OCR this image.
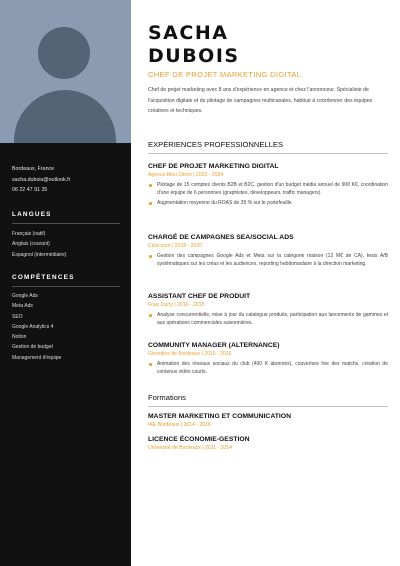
Bordeaux, France
sacha.dubois@outlook.fr
06 22 47 91 35
LANGUES
Français (natif)
Anglais (courant)
Espagnol (intermédiaire)
COMPÉTENCES
Google Ads
Meta Ads
SEO
Google Analytics 4
Notion
Gestion de budget
Management d'équipe
SACHA
DUBOIS
CHEF DE PROJET MARKETING DIGITAL

Chef de projet marketing avec 8 ans d'expérience en agence et chez l'annonceur. Spécialiste de l'acquisition digitale et du pilotage de campagnes multicanales, habitué à coordonner des équipes créatives et techniques.

EXPÉRIENCES PROFESSIONNELLES
CHEF DE PROJET MARKETING DIGITAL
Agence Bleu Citron | 2020 - 2024
Pilotage de 15 comptes clients B2B et B2C, gestion d'un budget média annuel de 900 K€, coordination d'une équipe de 6 personnes (graphistes, développeurs, traffic managers).
Augmentation moyenne du ROAS de 35 % sur le portefeuille.
CHARGÉ DE CAMPAGNES SEA/SOCIAL ADS
Cdiscount | 2018 - 2020
Gestion des campagnes Google Ads et Meta sur la catégorie maison (12 M€ de CA), tests A/B systématiques sur les créas et les audiences, reporting hebdomadaire à la direction marketing.
ASSISTANT CHEF DE PRODUIT
Fnac Darty | 2016 - 2018
Analyse concurrentielle, mise à jour du catalogue produits, participation aux lancements de gammes et aux opérations commerciales saisonnières.
COMMUNITY MANAGER (ALTERNANCE)
Girondins de Bordeaux | 2015 - 2016
Animation des réseaux sociaux du club (400 K abonnés), couverture live des matchs, création de contenus vidéo courts.
Formations
MASTER MARKETING ET COMMUNICATION
IAE Bordeaux | 2014 - 2016
LICENCE ÉCONOMIE-GESTION
Université de Bordeaux | 2011 - 2014
